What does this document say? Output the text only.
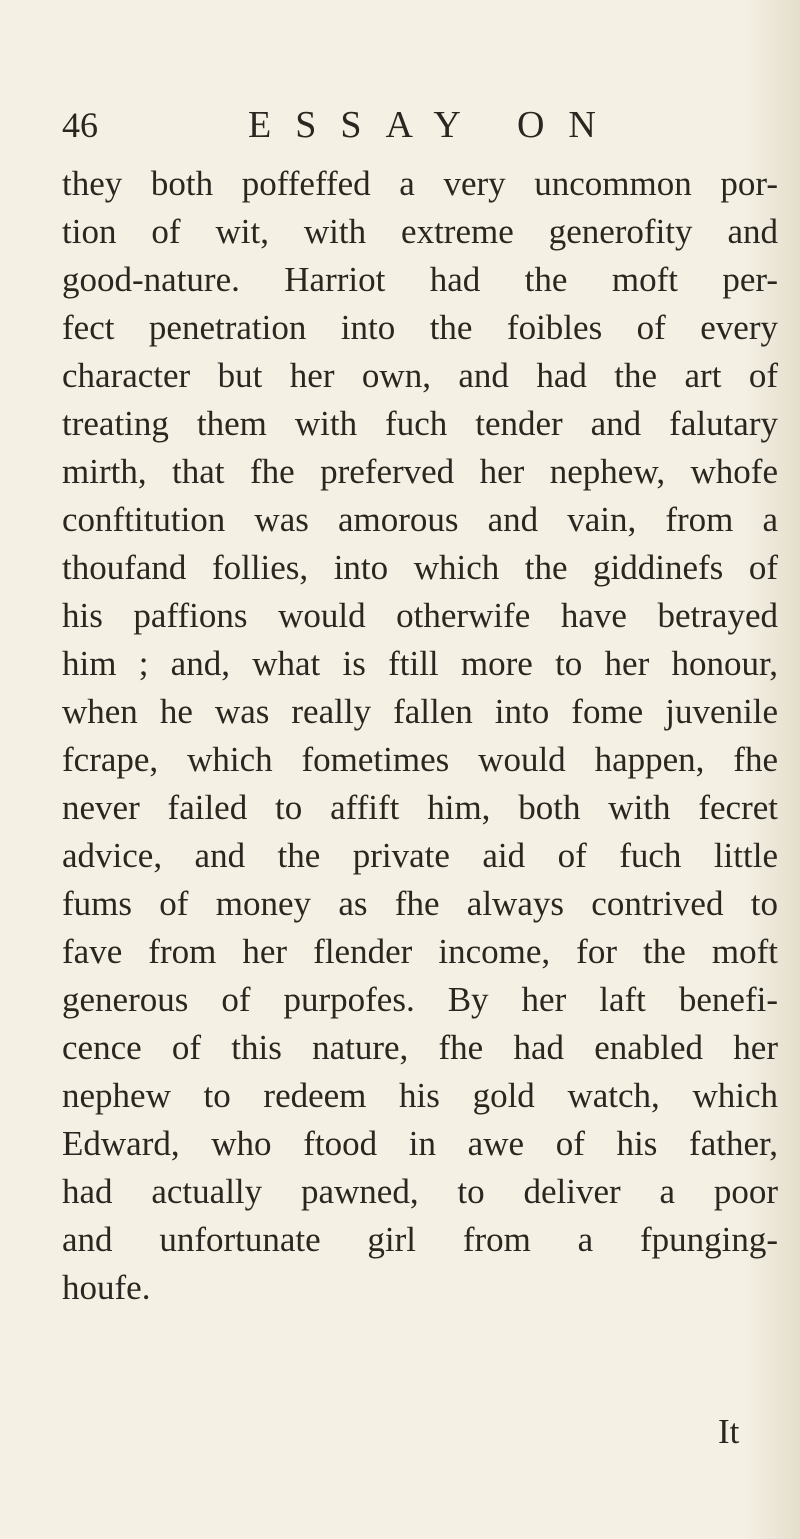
46	ESSAY ON
they both poffeffed a very uncommon por-
tion of wit, with extreme generofity and
good-nature. Harriot had the moft per-
fect penetration into the foibles of every
character but her own, and had the art of
treating them with fuch tender and falutary
mirth, that fhe preferved her nephew, whofe
conftitution was amorous and vain, from a
thoufand follies, into which the giddinefs of
his paffions would otherwife have betrayed
him ; and, what is ftill more to her honour,
when he was really fallen into fome juvenile
fcrape, which fometimes would happen, fhe
never failed to affift him, both with fecret
advice, and the private aid of fuch little
fums of money as fhe always contrived to
fave from her flender income, for the moft
generous of purpofes. By her laft benefi-
cence of this nature, fhe had enabled her
nephew to redeem his gold watch, which
Edward, who ftood in awe of his father,
had actually pawned, to deliver a poor
and unfortunate girl from a fpunging-
houfe.
It
